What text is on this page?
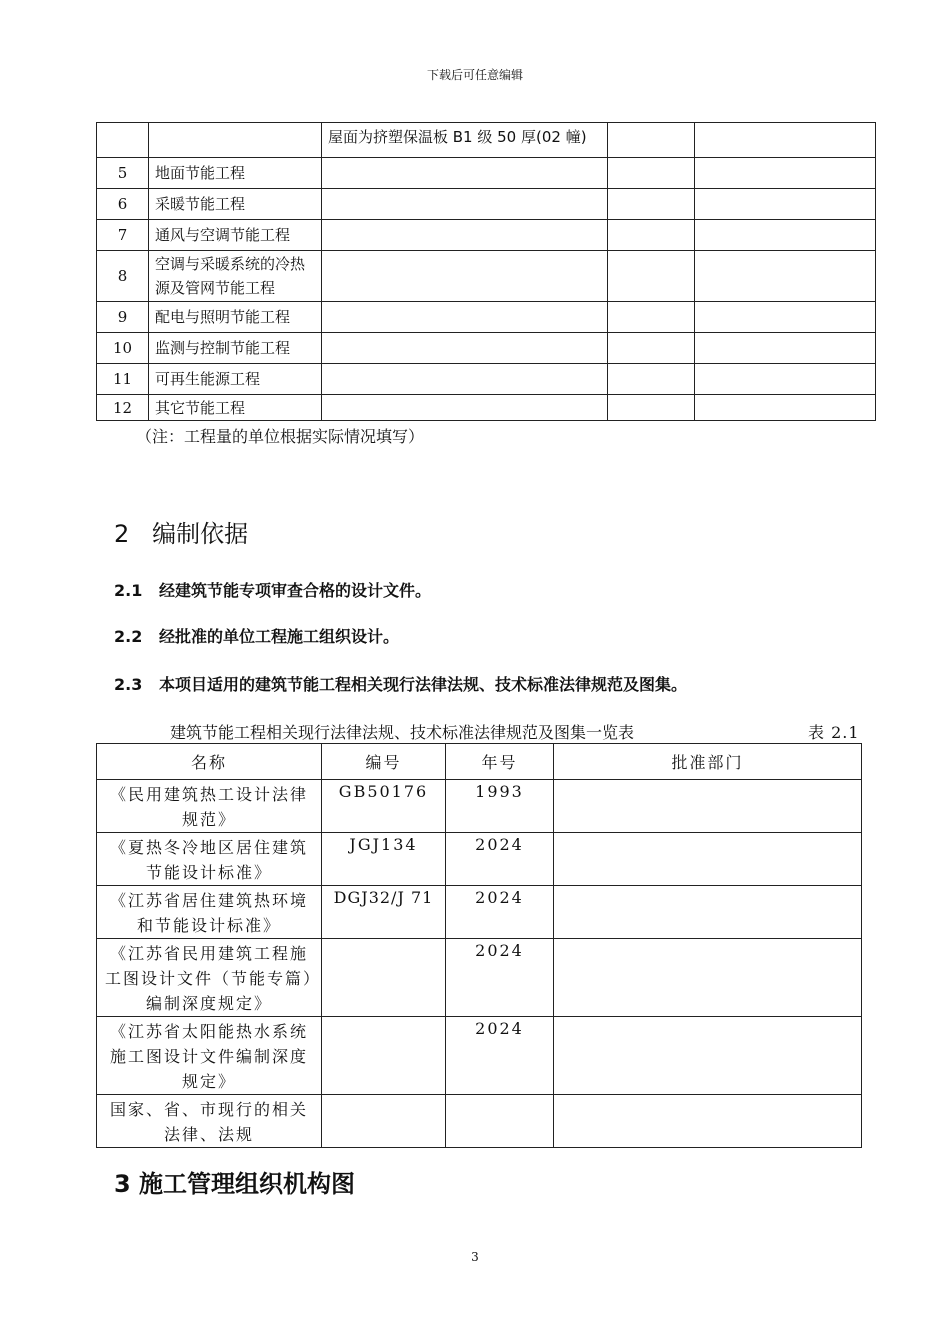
下载后可任意编辑
		屋面为挤塑保温板 B1 级 50 厚(02 幢)		
5	地面节能工程			
6	采暖节能工程			
7	通风与空调节能工程			
8	空调与采暖系统的冷热源及管网节能工程			
9	配电与照明节能工程			
10	监测与控制节能工程			
11	可再生能源工程			
12	其它节能工程			
（注：工程量的单位根据实际情况填写）
2   编制依据
2.1   经建筑节能专项审查合格的设计文件。
2.2   经批准的单位工程施工组织设计。
2.3   本项目适用的建筑节能工程相关现行法律法规、技术标准法律规范及图集。
建筑节能工程相关现行法律法规、技术标准法律规范及图集一览表	表 2.1
名称	编号	年号	批准部门
《民用建筑热工设计法律规范》	GB50176	1993	
《夏热冬冷地区居住建筑节能设计标准》	JGJ134	2024	
《江苏省居住建筑热环境和节能设计标准》	DGJ32/J 71	2024	
《江苏省民用建筑工程施工图设计文件（节能专篇）编制深度规定》		2024	
《江苏省太阳能热水系统施工图设计文件编制深度规定》		2024	
国家、省、市现行的相关法律、法规			
3 施工管理组织机构图
3
